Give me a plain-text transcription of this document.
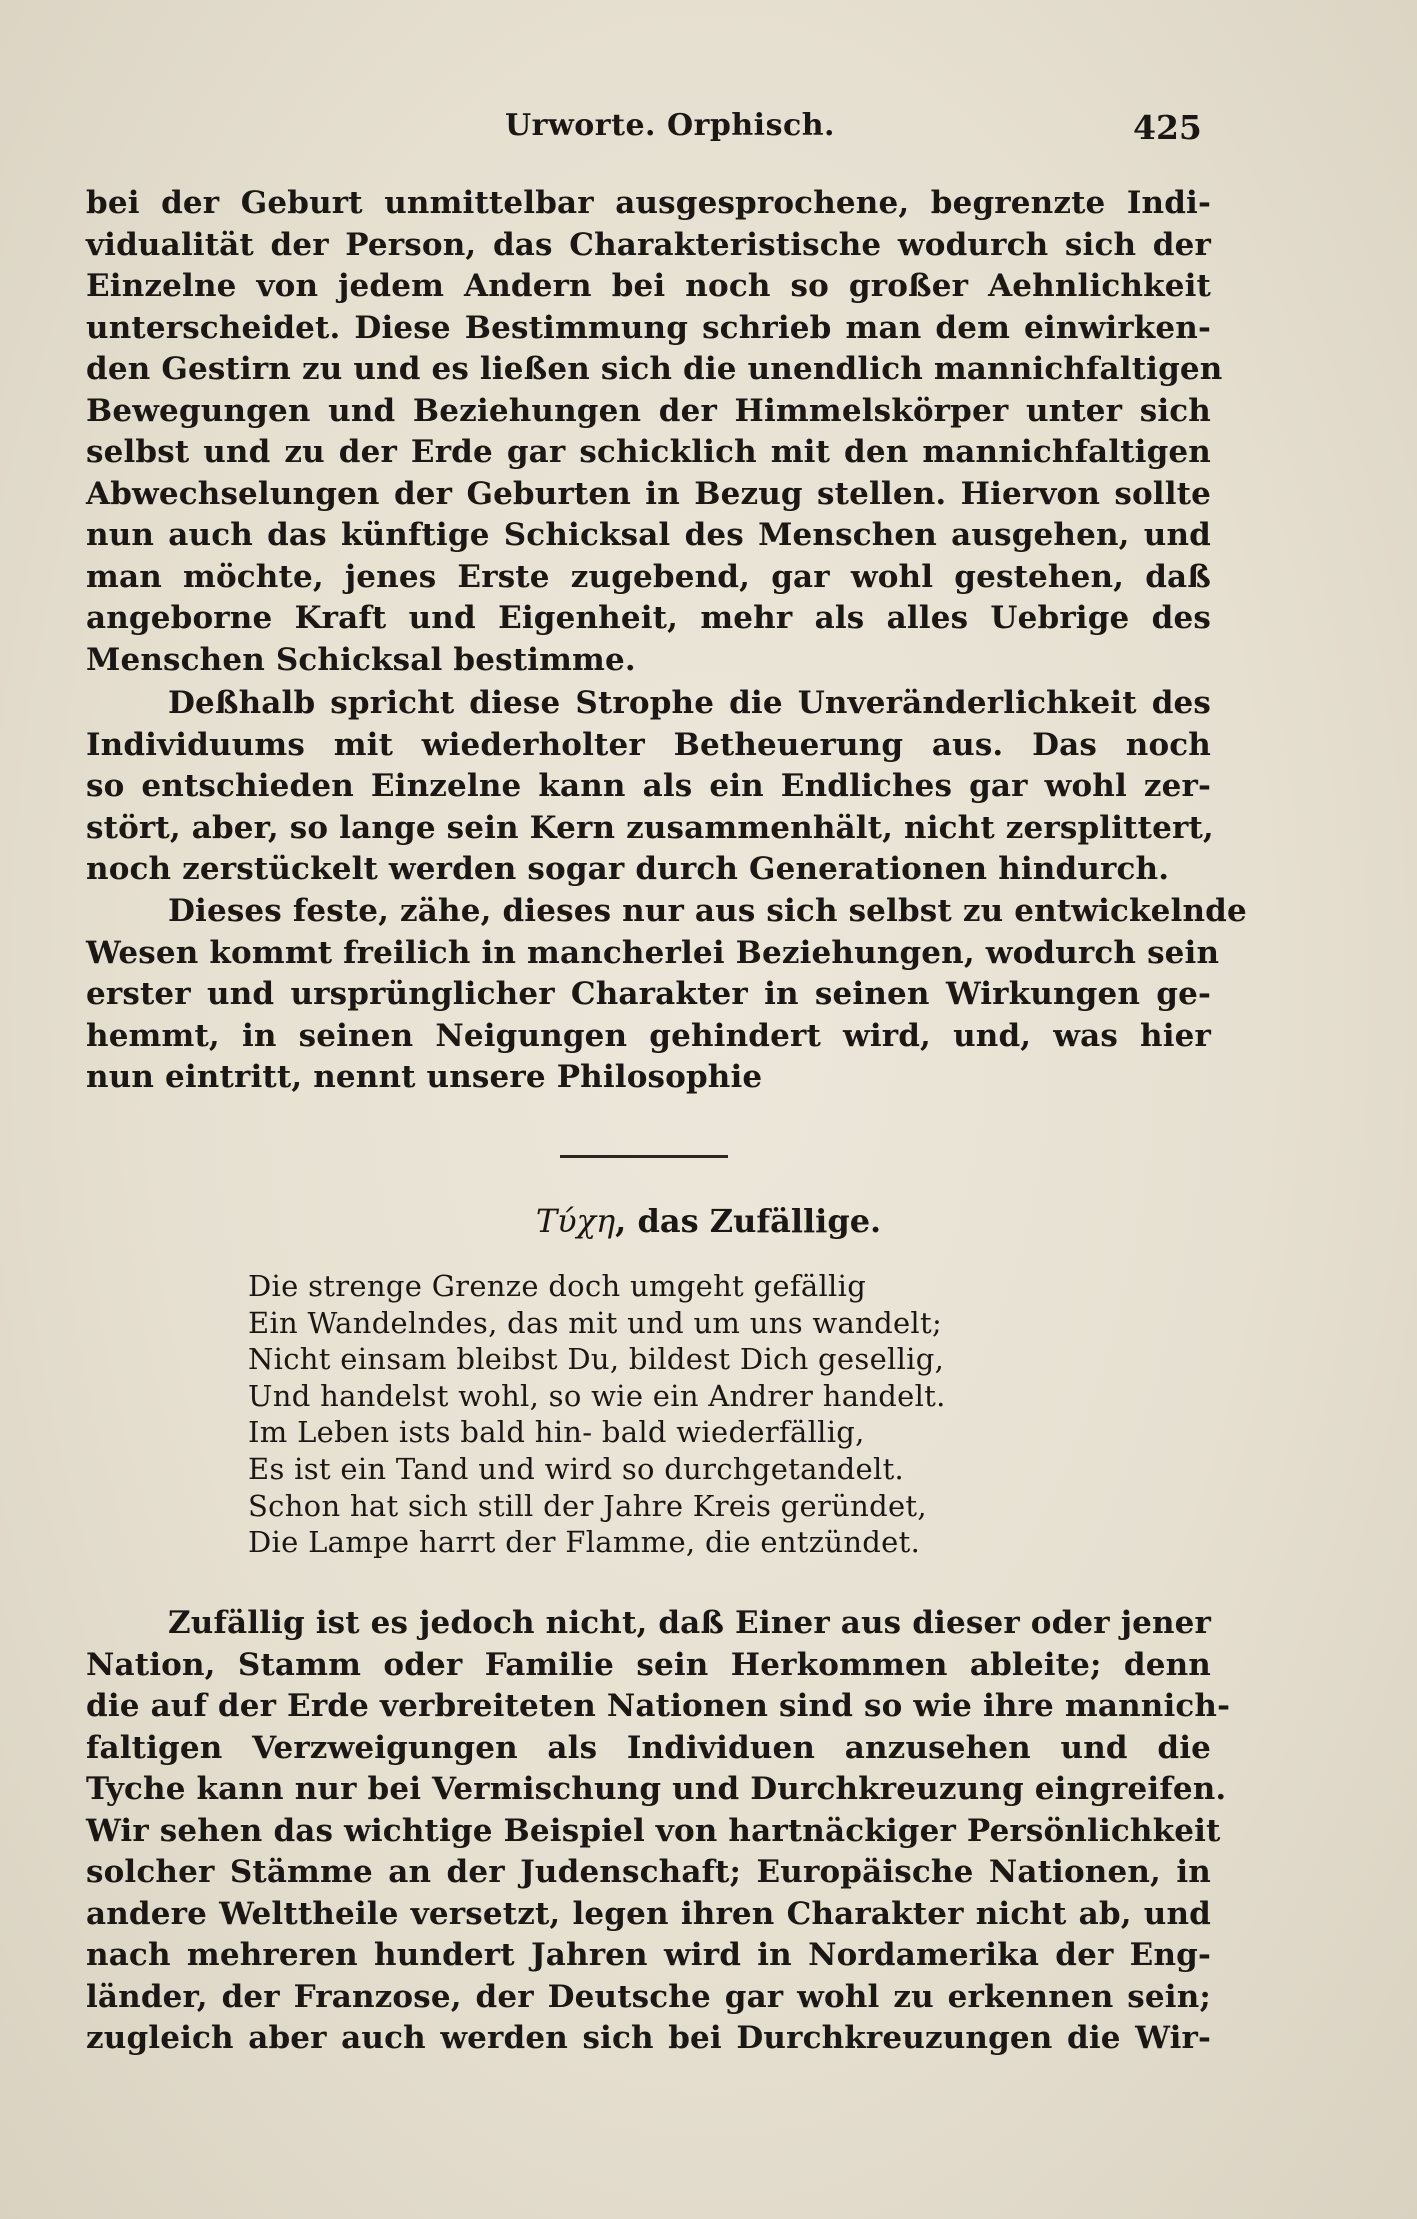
Urworte. Orphisch.	425
bei der Geburt unmittelbar ausgesprochene, begrenzte Indi-
vidualität der Person, das Charakteristische wodurch sich der
Einzelne von jedem Andern bei noch so großer Aehnlichkeit
unterscheidet. Diese Bestimmung schrieb man dem einwirken-
den Gestirn zu und es ließen sich die unendlich mannichfaltigen
Bewegungen und Beziehungen der Himmelskörper unter sich
selbst und zu der Erde gar schicklich mit den mannichfaltigen
Abwechselungen der Geburten in Bezug stellen. Hiervon sollte
nun auch das künftige Schicksal des Menschen ausgehen, und
man möchte, jenes Erste zugebend, gar wohl gestehen, daß
angeborne Kraft und Eigenheit, mehr als alles Uebrige des
Menschen Schicksal bestimme.
Deßhalb spricht diese Strophe die Unveränderlichkeit des
Individuums mit wiederholter Betheuerung aus. Das noch
so entschieden Einzelne kann als ein Endliches gar wohl zer-
stört, aber, so lange sein Kern zusammenhält, nicht zersplittert,
noch zerstückelt werden sogar durch Generationen hindurch.
Dieses feste, zähe, dieses nur aus sich selbst zu entwickelnde
Wesen kommt freilich in mancherlei Beziehungen, wodurch sein
erster und ursprünglicher Charakter in seinen Wirkungen ge-
hemmt, in seinen Neigungen gehindert wird, und, was hier
nun eintritt, nennt unsere Philosophie
Τύχη, das Zufällige.
Die strenge Grenze doch umgeht gefällig
Ein Wandelndes, das mit und um uns wandelt;
Nicht einsam bleibst Du, bildest Dich gesellig,
Und handelst wohl, so wie ein Andrer handelt.
Im Leben ists bald hin- bald wiederfällig,
Es ist ein Tand und wird so durchgetandelt.
Schon hat sich still der Jahre Kreis geründet,
Die Lampe harrt der Flamme, die entzündet.
Zufällig ist es jedoch nicht, daß Einer aus dieser oder jener
Nation, Stamm oder Familie sein Herkommen ableite; denn
die auf der Erde verbreiteten Nationen sind so wie ihre mannich-
faltigen Verzweigungen als Individuen anzusehen und die
Tyche kann nur bei Vermischung und Durchkreuzung eingreifen.
Wir sehen das wichtige Beispiel von hartnäckiger Persönlichkeit
solcher Stämme an der Judenschaft; Europäische Nationen, in
andere Welttheile versetzt, legen ihren Charakter nicht ab, und
nach mehreren hundert Jahren wird in Nordamerika der Eng-
länder, der Franzose, der Deutsche gar wohl zu erkennen sein;
zugleich aber auch werden sich bei Durchkreuzungen die Wir-
